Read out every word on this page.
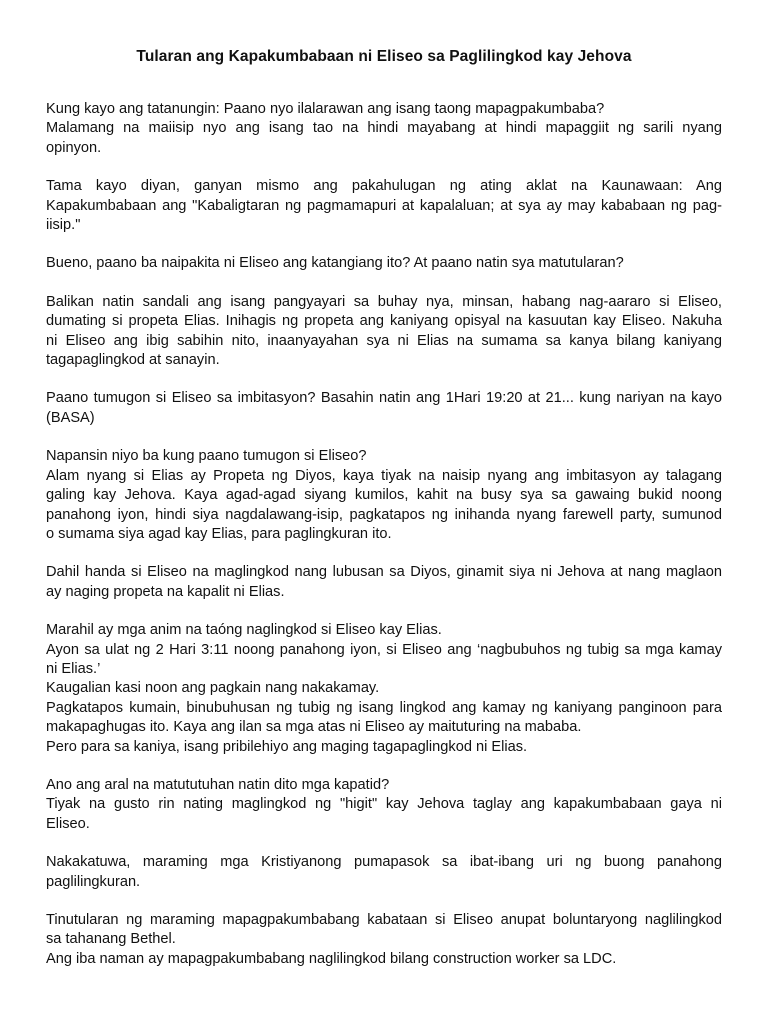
Tularan ang Kapakumbabaan ni Eliseo sa Paglilingkod kay Jehova
Kung kayo ang tatanungin: Paano nyo ilalarawan ang isang taong mapagpakumbaba?
Malamang na maiisip nyo ang isang tao na hindi mayabang at hindi mapaggiit ng sarili nyang
opinyon.
Tama kayo diyan, ganyan mismo ang pakahulugan ng ating aklat na Kaunawaan: Ang
Kapakumbabaan ang "Kabaligtaran ng pagmamapuri at kapalaluan; at sya ay may kababaan ng pag-
iisip."
Bueno, paano ba naipakita ni Eliseo ang katangiang ito? At paano natin sya matutularan?
Balikan natin sandali ang isang pangyayari sa buhay nya, minsan, habang nag-aararo si Eliseo,
dumating si propeta Elias. Inihagis ng propeta ang kaniyang opisyal na kasuutan kay Eliseo. Nakuha
ni Eliseo ang ibig sabihin nito, inaanyayahan sya ni Elias na sumama sa kanya bilang kaniyang
tagapaglingkod at sanayin.
Paano tumugon si Eliseo sa imbitasyon? Basahin natin ang 1Hari 19:20 at 21... kung nariyan na kayo
(BASA)
Napansin niyo ba kung paano tumugon si Eliseo?
Alam nyang si Elias ay Propeta ng Diyos, kaya tiyak na naisip nyang ang imbitasyon ay talagang
galing kay Jehova. Kaya agad-agad siyang kumilos, kahit na busy sya sa gawaing bukid noong
panahong iyon, hindi siya nagdalawang-isip, pagkatapos ng inihanda nyang farewell party, sumunod
o sumama siya agad kay Elias, para paglingkuran ito.
Dahil handa si Eliseo na maglingkod nang lubusan sa Diyos, ginamit siya ni Jehova at nang maglaon
ay naging propeta na kapalit ni Elias.
Marahil ay mga anim na taóng naglingkod si Eliseo kay Elias.
Ayon sa ulat ng 2 Hari 3:11 noong panahong iyon, si Eliseo ang ‘nagbubuhos ng tubig sa mga kamay
ni Elias.’
Kaugalian kasi noon ang pagkain nang nakakamay.
Pagkatapos kumain, binubuhusan ng tubig ng isang lingkod ang kamay ng kaniyang panginoon para
makapaghugas ito. Kaya ang ilan sa mga atas ni Eliseo ay maituturing na mababa.
Pero para sa kaniya, isang pribilehiyo ang maging tagapaglingkod ni Elias.
Ano ang aral na matututuhan natin dito mga kapatid?
Tiyak na gusto rin nating maglingkod ng "higit" kay Jehova taglay ang kapakumbabaan gaya ni
Eliseo.
Nakakatuwa, maraming mga Kristiyanong pumapasok sa ibat-ibang uri ng buong panahong
paglilingkuran.
Tinutularan ng maraming mapagpakumbabang kabataan si Eliseo anupat boluntaryong naglilingkod
sa tahanang Bethel.
Ang iba naman ay mapagpakumbabang naglilingkod bilang construction worker sa LDC.
